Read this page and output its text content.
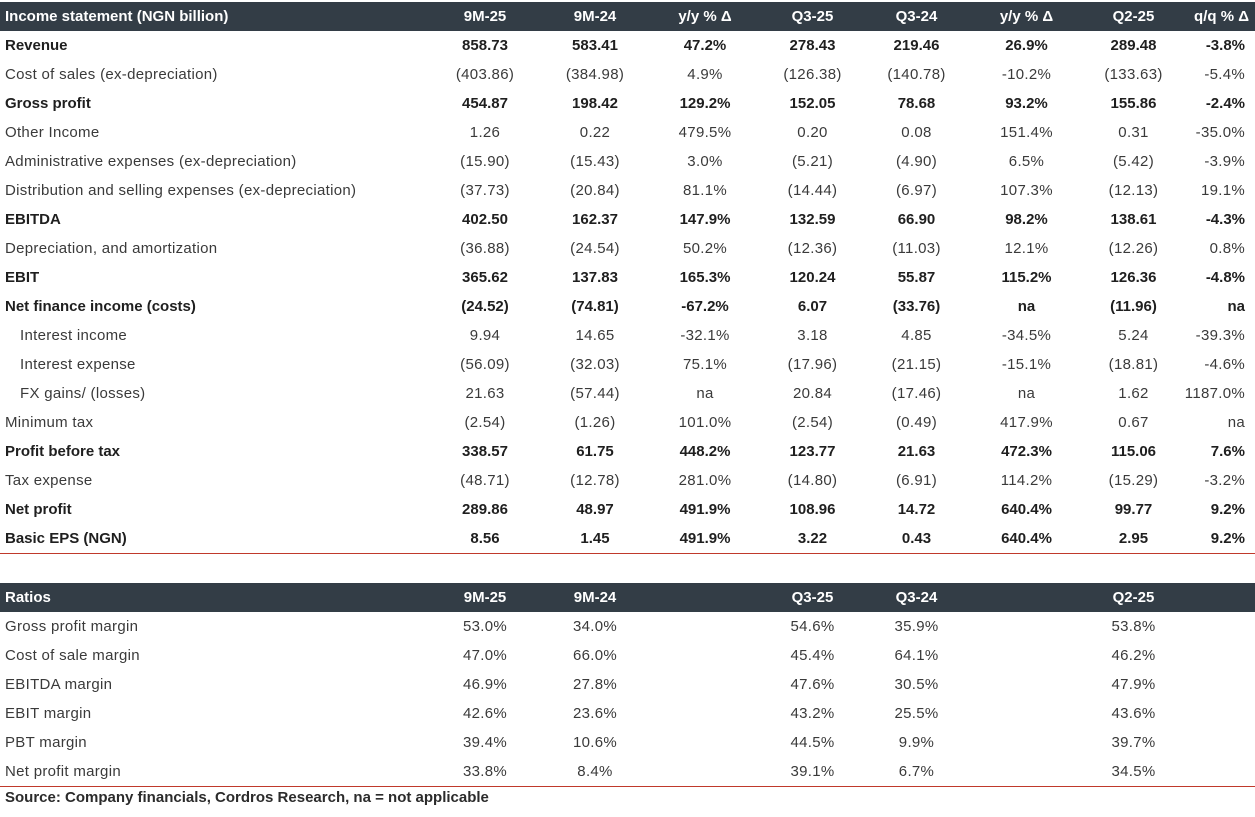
Income statement (NGN billion)	9M-25	9M-24	y/y % Δ	Q3-25	Q3-24	y/y % Δ	Q2-25	q/q % Δ
Revenue	858.73	583.41	47.2%	278.43	219.46	26.9%	289.48	-3.8%
Cost of sales (ex-depreciation)	(403.86)	(384.98)	4.9%	(126.38)	(140.78)	-10.2%	(133.63)	-5.4%
Gross profit	454.87	198.42	129.2%	152.05	78.68	93.2%	155.86	-2.4%
Other Income	1.26	0.22	479.5%	0.20	0.08	151.4%	0.31	-35.0%
Administrative expenses (ex-depreciation)	(15.90)	(15.43)	3.0%	(5.21)	(4.90)	6.5%	(5.42)	-3.9%
Distribution and selling expenses (ex-depreciation)	(37.73)	(20.84)	81.1%	(14.44)	(6.97)	107.3%	(12.13)	19.1%
EBITDA	402.50	162.37	147.9%	132.59	66.90	98.2%	138.61	-4.3%
Depreciation, and amortization	(36.88)	(24.54)	50.2%	(12.36)	(11.03)	12.1%	(12.26)	0.8%
EBIT	365.62	137.83	165.3%	120.24	55.87	115.2%	126.36	-4.8%
Net finance income (costs)	(24.52)	(74.81)	-67.2%	6.07	(33.76)	na	(11.96)	na
Interest income	9.94	14.65	-32.1%	3.18	4.85	-34.5%	5.24	-39.3%
Interest expense	(56.09)	(32.03)	75.1%	(17.96)	(21.15)	-15.1%	(18.81)	-4.6%
FX gains/ (losses)	21.63	(57.44)	na	20.84	(17.46)	na	1.62	1187.0%
Minimum tax	(2.54)	(1.26)	101.0%	(2.54)	(0.49)	417.9%	0.67	na
Profit before tax	338.57	61.75	448.2%	123.77	21.63	472.3%	115.06	7.6%
Tax expense	(48.71)	(12.78)	281.0%	(14.80)	(6.91)	114.2%	(15.29)	-3.2%
Net profit	289.86	48.97	491.9%	108.96	14.72	640.4%	99.77	9.2%
Basic EPS (NGN)	8.56	1.45	491.9%	3.22	0.43	640.4%	2.95	9.2%
Ratios	9M-25	9M-24		Q3-25	Q3-24		Q2-25	
Gross profit margin	53.0%	34.0%		54.6%	35.9%		53.8%	
Cost of sale margin	47.0%	66.0%		45.4%	64.1%		46.2%	
EBITDA margin	46.9%	27.8%		47.6%	30.5%		47.9%	
EBIT margin	42.6%	23.6%		43.2%	25.5%		43.6%	
PBT margin	39.4%	10.6%		44.5%	9.9%		39.7%	
Net profit margin	33.8%	8.4%		39.1%	6.7%		34.5%	
Source: Company financials, Cordros Research, na = not applicable
